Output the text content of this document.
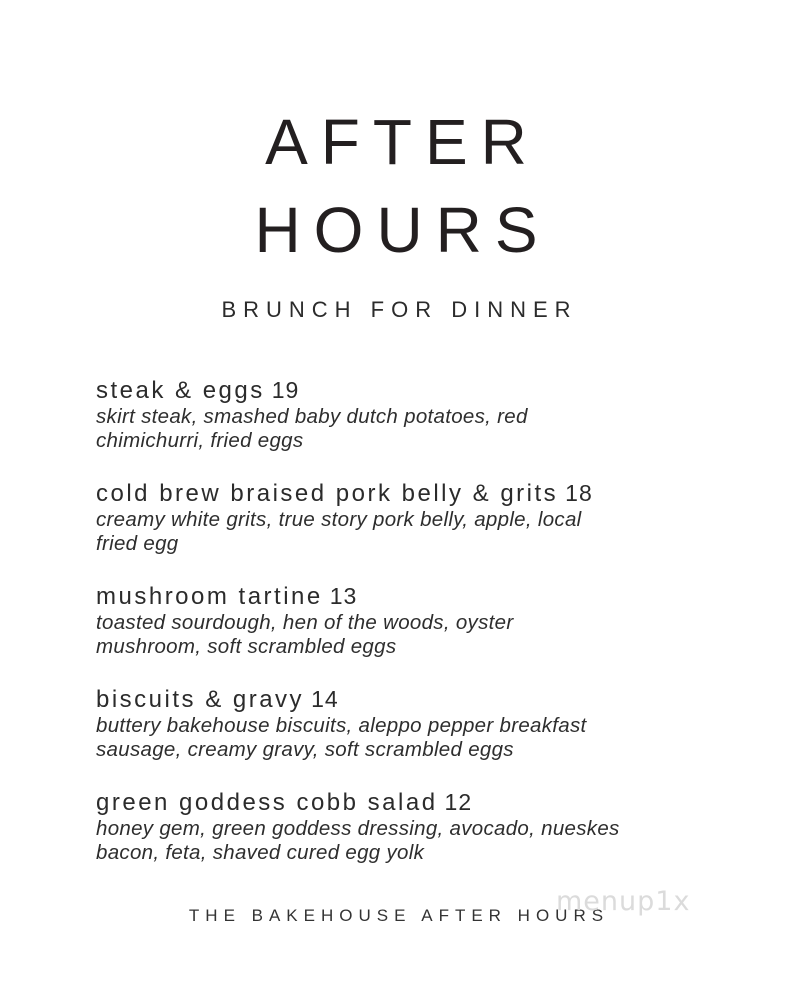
AFTER
HOURS
BRUNCH FOR DINNER
steak & eggs 19
skirt steak, smashed baby dutch potatoes, red
chimichurri, fried eggs
cold brew braised pork belly & grits 18
creamy white grits, true story pork belly, apple, local
fried egg
mushroom tartine 13
toasted sourdough, hen of the woods, oyster
mushroom, soft scrambled eggs
biscuits & gravy 14
buttery bakehouse biscuits, aleppo pepper breakfast
sausage, creamy gravy, soft scrambled eggs
green goddess cobb salad 12
honey gem, green goddess dressing, avocado, nueskes
bacon, feta, shaved cured egg yolk
THE BAKEHOUSE AFTER HOURS
menup1x
